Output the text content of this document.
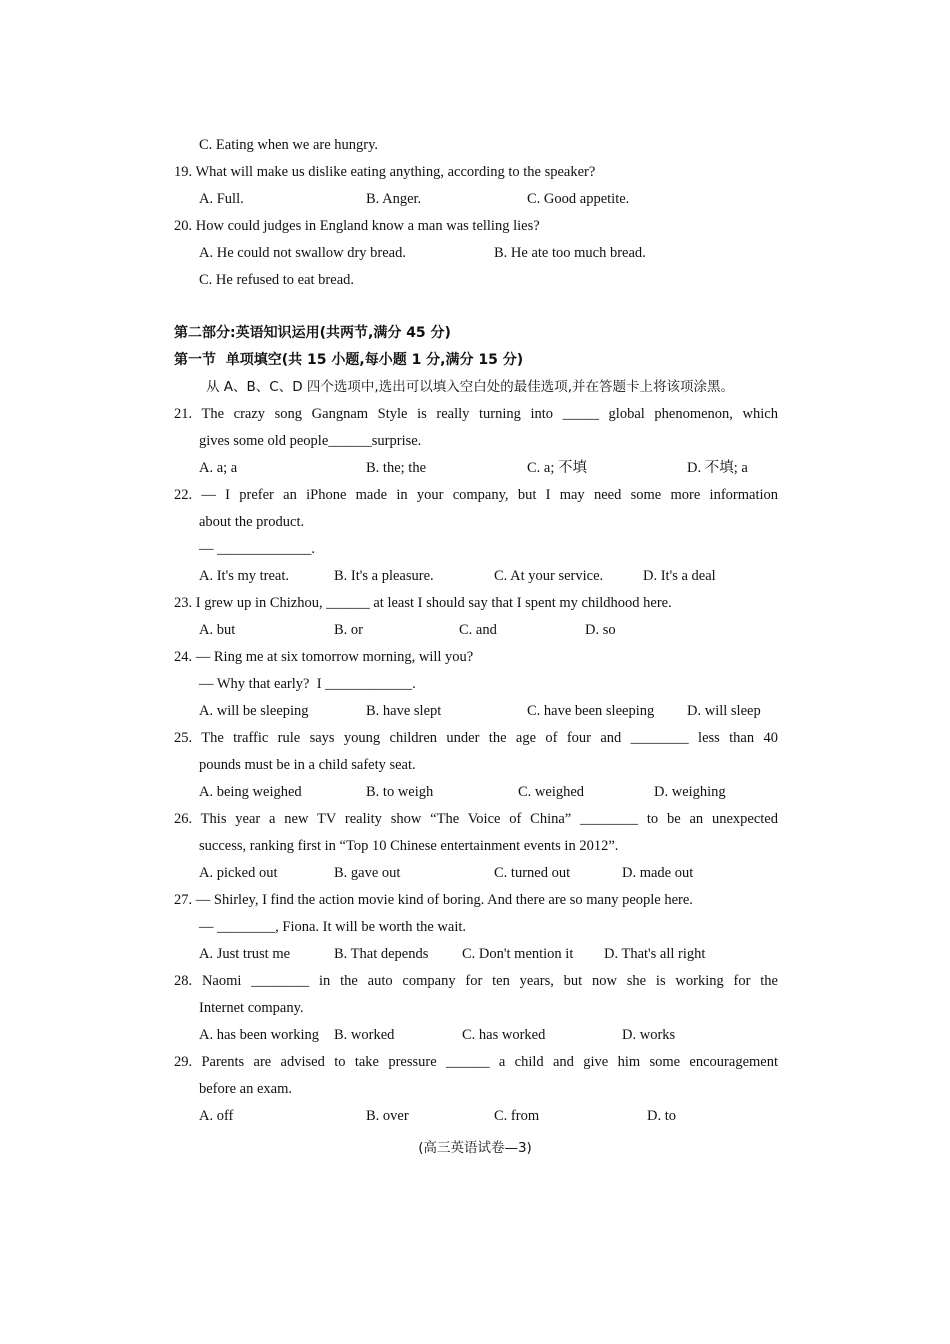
C. Eating when we are hungry.
19. What will make us dislike eating anything, according to the speaker?
A. Full.	B. Anger.	C. Good appetite.
20. How could judges in England know a man was telling lies?
A. He could not swallow dry bread.	B. He ate too much bread.
C. He refused to eat bread.
第二部分:英语知识运用(共两节,满分 45 分)
第一节  单项填空(共 15 小题,每小题 1 分,满分 15 分)
从 A、B、C、D 四个选项中,选出可以填入空白处的最佳选项,并在答题卡上将该项涂黑。
21. The crazy song Gangnam Style is really turning into _____ global phenomenon, which
gives some old people______surprise.
A. a; a	B. the; the	C. a; 不填	D. 不填; a
22. — I prefer an iPhone made in your company, but I may need some more information
about the product.
— _____________.
A. It's my treat.	B. It's a pleasure.	C. At your service.	D. It's a deal
23. I grew up in Chizhou, ______ at least I should say that I spent my childhood here.
A. but	B. or	C. and	D. so
24. — Ring me at six tomorrow morning, will you?
— Why that early?  I ____________.
A. will be sleeping	B. have slept	C. have been sleeping D. will sleep
25. The traffic rule says young children under the age of four and ________ less than 40
pounds must be in a child safety seat.
A. being weighed	B. to weigh	C. weighed	D. weighing
26. This year a new TV reality show “The Voice of China” ________ to be an unexpected
success, ranking first in “Top 10 Chinese entertainment events in 2012”.
A. picked out	B. gave out	C. turned out	D. made out
27. — Shirley, I find the action movie kind of boring. And there are so many people here.
— ________, Fiona. It will be worth the wait.
A. Just trust me	B. That depends C. Don't mention it D. That's all right
28. Naomi ________ in the auto company for ten years, but now she is working for the
Internet company.
A. has been working B. worked	C. has worked	D. works
29. Parents are advised to take pressure ______ a child and give him some encouragement
before an exam.
A. off	B. over	C. from	D. to
(高三英语试卷—3)
